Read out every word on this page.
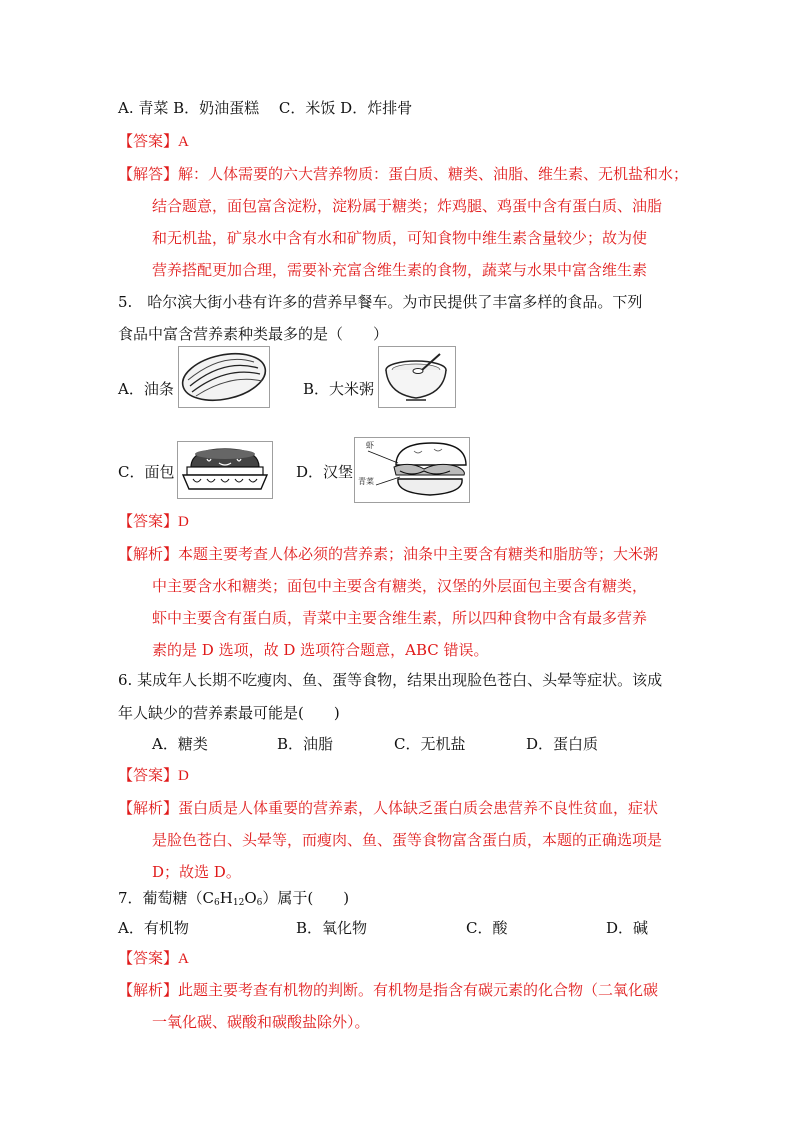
A. 青菜 B．奶油蛋糕　 C．米饭 D．炸排骨
【答案】A
【解答】解：人体需要的六大营养物质：蛋白质、糖类、油脂、维生素、无机盐和水；
结合题意，面包富含淀粉，淀粉属于糖类；炸鸡腿、鸡蛋中含有蛋白质、油脂
和无机盐，矿泉水中含有水和矿物质，可知食物中维生素含量较少；故为使
营养搭配更加合理，需要补充富含维生素的食物，蔬菜与水果中富含维生素
5.　哈尔滨大街小巷有许多的营养早餐车。为市民提供了丰富多样的食品。下列
食品中富含营养素种类最多的是（　　）
A．油条	B．大米粥
C．面包	D．汉堡
虾
青菜
【答案】D
【解析】本题主要考查人体必须的营养素；油条中主要含有糖类和脂肪等；大米粥
中主要含水和糖类；面包中主要含有糖类，汉堡的外层面包主要含有糖类，
虾中主要含有蛋白质，青菜中主要含维生素，所以四种食物中含有最多营养
素的是 D 选项，故 D 选项符合题意，ABC 错误。
6. 某成年人长期不吃瘦肉、鱼、蛋等食物，结果出现脸色苍白、头晕等症状。该成
年人缺少的营养素最可能是(　　)
A．糖类	B．油脂	C．无机盐	D．蛋白质
【答案】D
【解析】蛋白质是人体重要的营养素，人体缺乏蛋白质会患营养不良性贫血，症状
是脸色苍白、头晕等，而瘦肉、鱼、蛋等食物富含蛋白质，本题的正确选项是
D；故选 D。
7．葡萄糖$(C_6H_{12}O_6)$属于(　　)
A．有机物	B．氧化物	C．酸	D．碱
【答案】A
【解析】此题主要考查有机物的判断。有机物是指含有碳元素的化合物（二氧化碳
一氧化碳、碳酸和碳酸盐除外）。
